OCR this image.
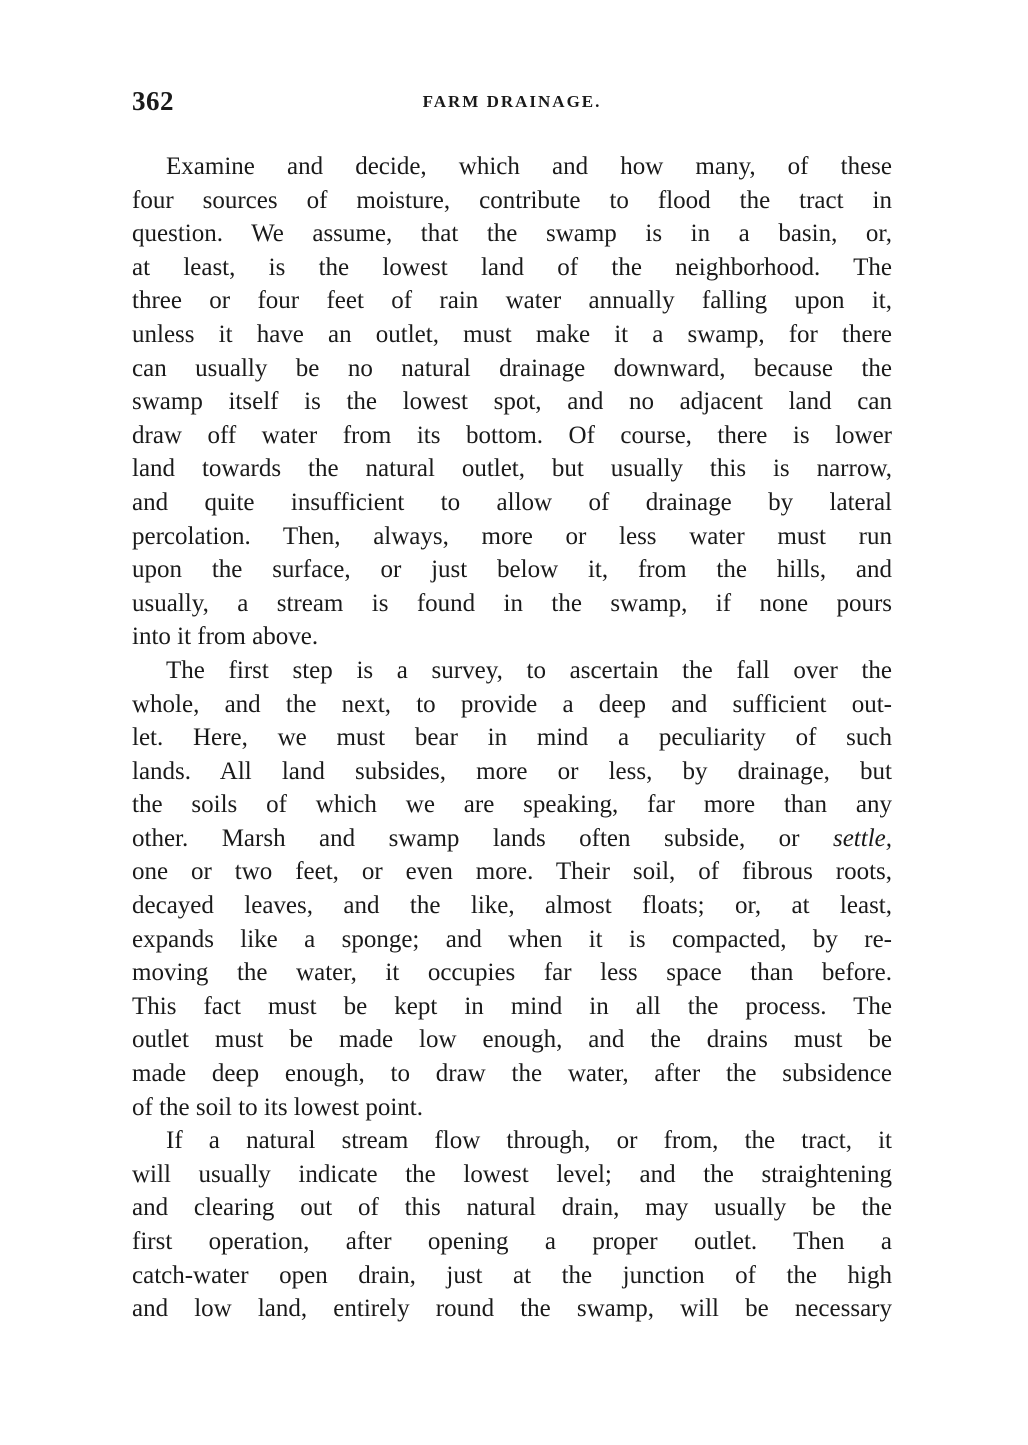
362	FARM DRAINAGE.

Examine and decide, which and how many, of these
four sources of moisture, contribute to flood the tract in
question. We assume, that the swamp is in a basin, or,
at least, is the lowest land of the neighborhood. The
three or four feet of rain water annually falling upon it,
unless it have an outlet, must make it a swamp, for there
can usually be no natural drainage downward, because the
swamp itself is the lowest spot, and no adjacent land can
draw off water from its bottom. Of course, there is lower
land towards the natural outlet, but usually this is narrow,
and quite insufficient to allow of drainage by lateral
percolation. Then, always, more or less water must run
upon the surface, or just below it, from the hills, and
usually, a stream is found in the swamp, if none pours
into it from above.

The first step is a survey, to ascertain the fall over the
whole, and the next, to provide a deep and sufficient out-
let. Here, we must bear in mind a peculiarity of such
lands. All land subsides, more or less, by drainage, but
the soils of which we are speaking, far more than any
other. Marsh and swamp lands often subside, or settle,
one or two feet, or even more. Their soil, of fibrous roots,
decayed leaves, and the like, almost floats; or, at least,
expands like a sponge; and when it is compacted, by re-
moving the water, it occupies far less space than before.
This fact must be kept in mind in all the process. The
outlet must be made low enough, and the drains must be
made deep enough, to draw the water, after the subsidence
of the soil to its lowest point.

If a natural stream flow through, or from, the tract, it
will usually indicate the lowest level; and the straightening
and clearing out of this natural drain, may usually be the
first operation, after opening a proper outlet. Then a
catch-water open drain, just at the junction of the high
and low land, entirely round the swamp, will be necessary
